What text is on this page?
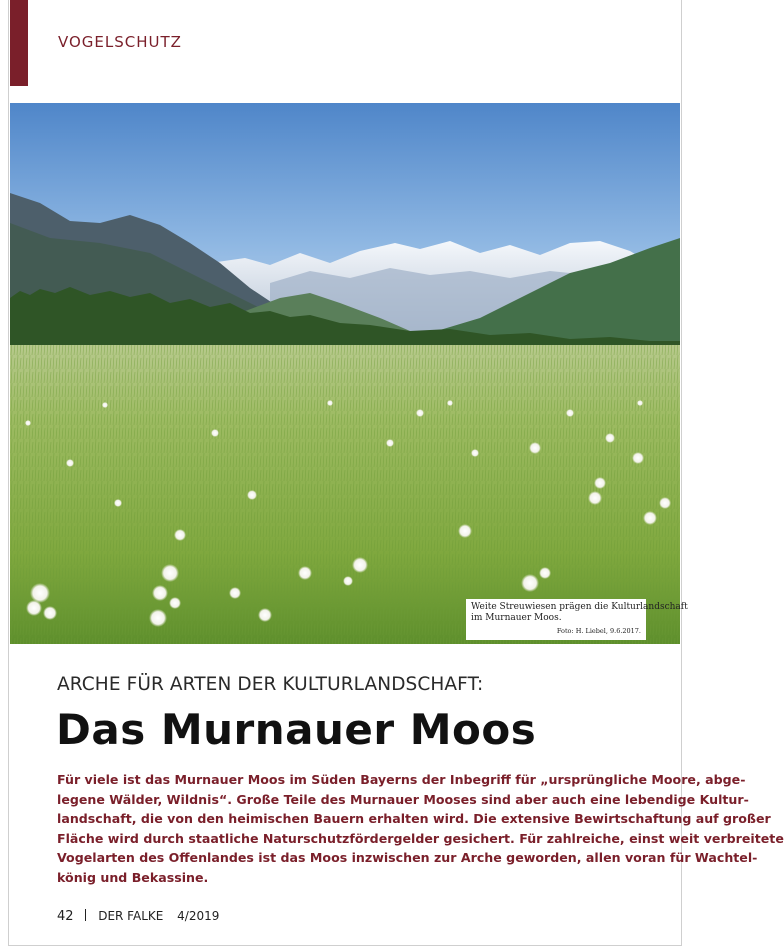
VOGELSCHUTZ
Weite Streuwiesen prägen die Kulturlandschaft
im Murnauer Moos.
Foto: H. Liebel, 9.6.2017.
ARCHE FÜR ARTEN DER KULTURLANDSCHAFT:
Das Murnauer Moos
Für viele ist das Murnauer Moos im Süden Bayerns der Inbegriff für „ursprüngliche Moore, abge-
legene Wälder, Wildnis“. Große Teile des Murnauer Mooses sind aber auch eine lebendige Kultur-
landschaft, die von den heimischen Bauern erhalten wird. Die extensive Bewirtschaftung auf großer
Fläche wird durch staatliche Naturschutzfördergelder gesichert. Für zahlreiche, einst weit verbreitete
Vogelarten des Offenlandes ist das Moos inzwischen zur Arche geworden, allen voran für Wachtel-
könig und Bekassine.
42 DER FALKE 4/2019
